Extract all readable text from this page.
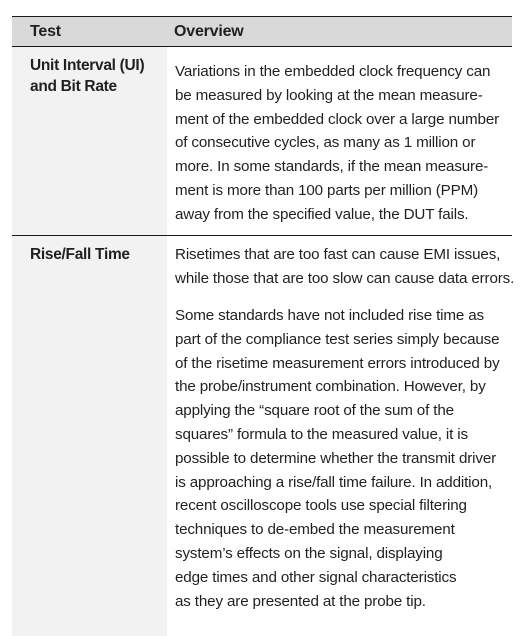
Test	Overview
Unit Interval (UI)
and Bit Rate
Variations in the embedded clock frequency can
be measured by looking at the mean measure-
ment of the embedded clock over a large number
of consecutive cycles, as many as 1 million or
more. In some standards, if the mean measure-
ment is more than 100 parts per million (PPM)
away from the specified value, the DUT fails.
Rise/Fall Time	Risetimes that are too fast can cause EMI issues,
while those that are too slow can cause data errors.
Some standards have not included rise time as
part of the compliance test series simply because
of the risetime measurement errors introduced by
the probe/instrument combination. However, by
applying the “square root of the sum of the
squares” formula to the measured value, it is
possible to determine whether the transmit driver
is approaching a rise/fall time failure. In addition,
recent oscilloscope tools use special filtering
techniques to de-embed the measurement
system’s effects on the signal, displaying
edge times and other signal characteristics
as they are presented at the probe tip.
